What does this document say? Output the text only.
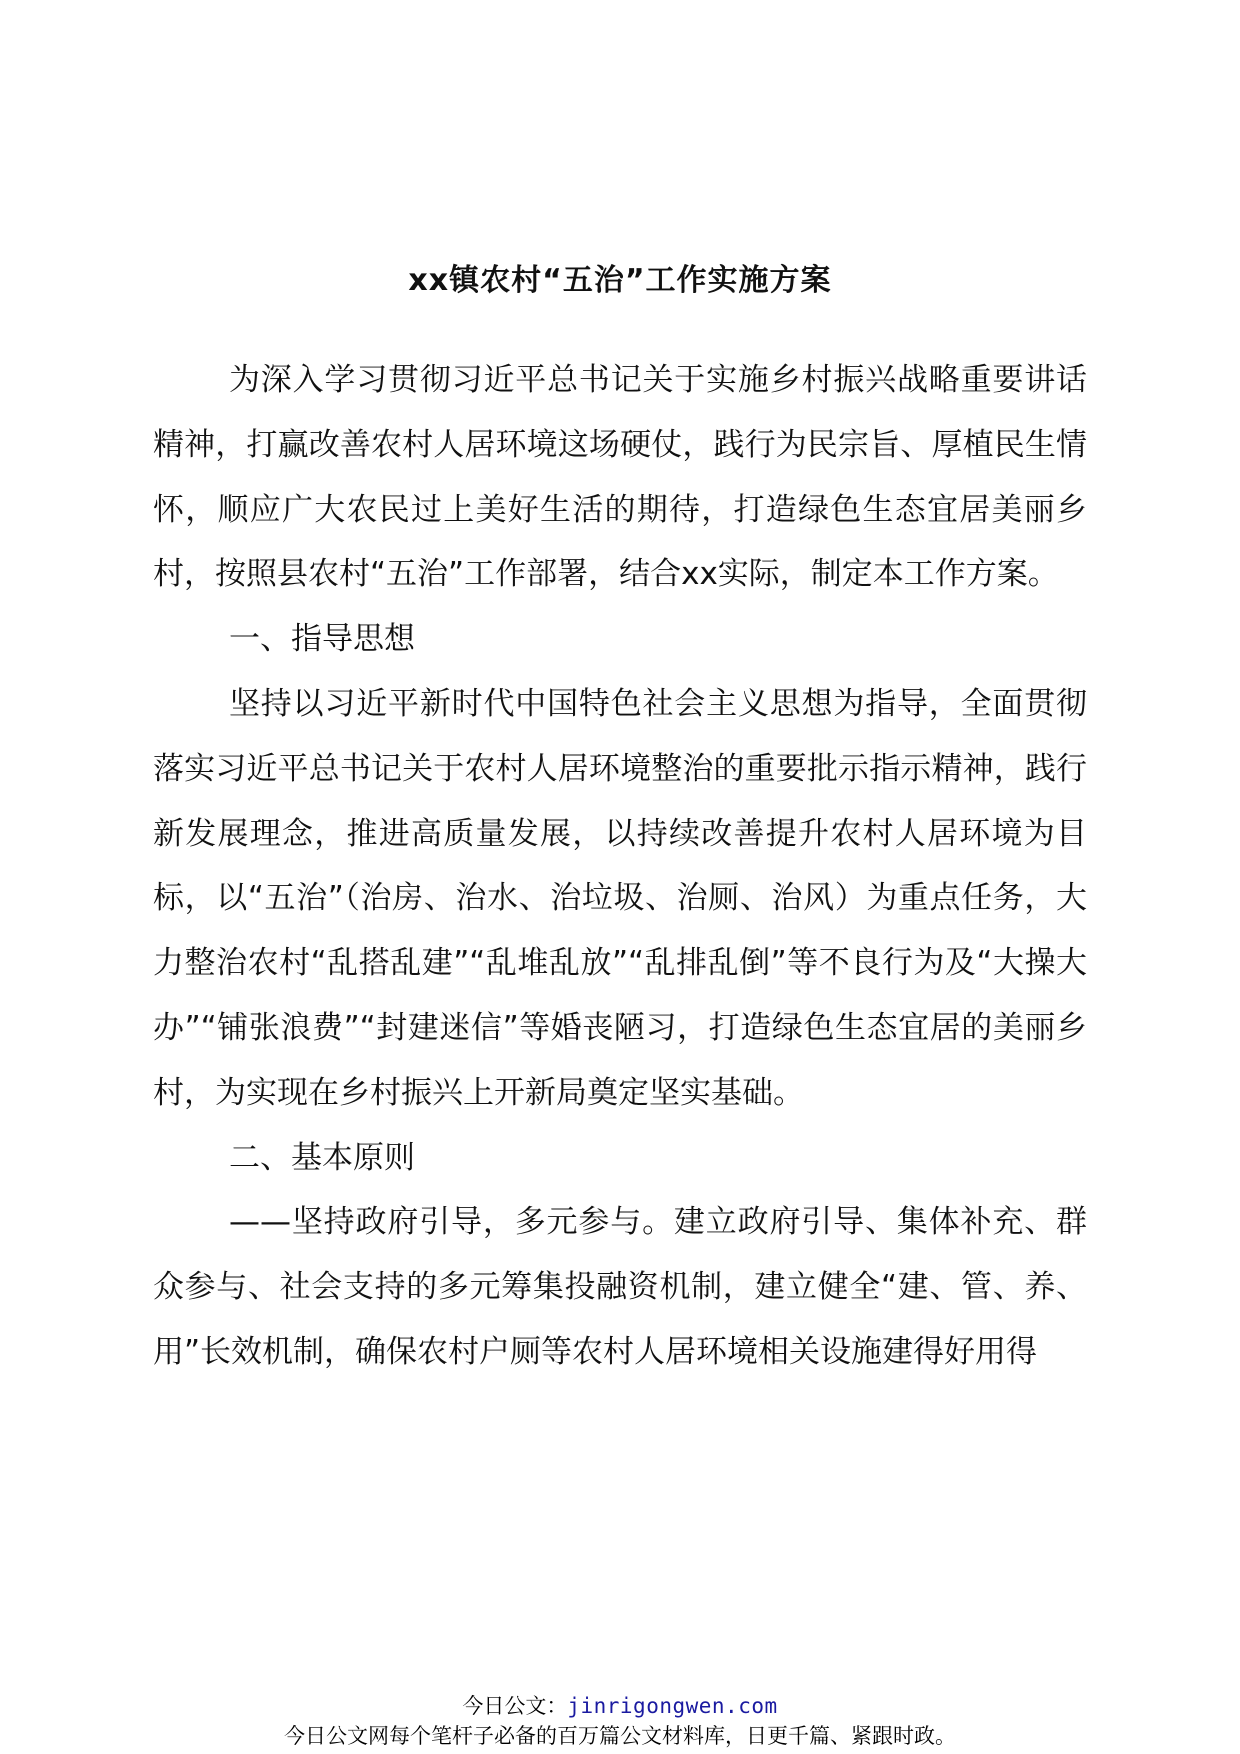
xx镇农村“五治”工作实施方案

为深入学习贯彻习近平总书记关于实施乡村振兴战略重要讲话精神，打赢改善农村人居环境这场硬仗，践行为民宗旨、厚植民生情怀，顺应广大农民过上美好生活的期待，打造绿色生态宜居美丽乡村，按照县农村“五治”工作部署，结合xx实际，制定本工作方案。

一、指导思想

坚持以习近平新时代中国特色社会主义思想为指导，全面贯彻落实习近平总书记关于农村人居环境整治的重要批示指示精神，践行新发展理念，推进高质量发展，以持续改善提升农村人居环境为目标，以“五治”（治房、治水、治垃圾、治厕、治风）为重点任务，大力整治农村“乱搭乱建”“乱堆乱放”“乱排乱倒”等不良行为及“大操大办”“铺张浪费”“封建迷信”等婚丧陋习，打造绿色生态宜居的美丽乡村，为实现在乡村振兴上开新局奠定坚实基础。

二、基本原则

——坚持政府引导，多元参与。建立政府引导、集体补充、群众参与、社会支持的多元筹集投融资机制，建立健全“建、管、养、用”长效机制，确保农村户厕等农村人居环境相关设施建得好用得

今日公文：jinrigongwen.com
今日公文网每个笔杆子必备的百万篇公文材料库，日更千篇、紧跟时政。
